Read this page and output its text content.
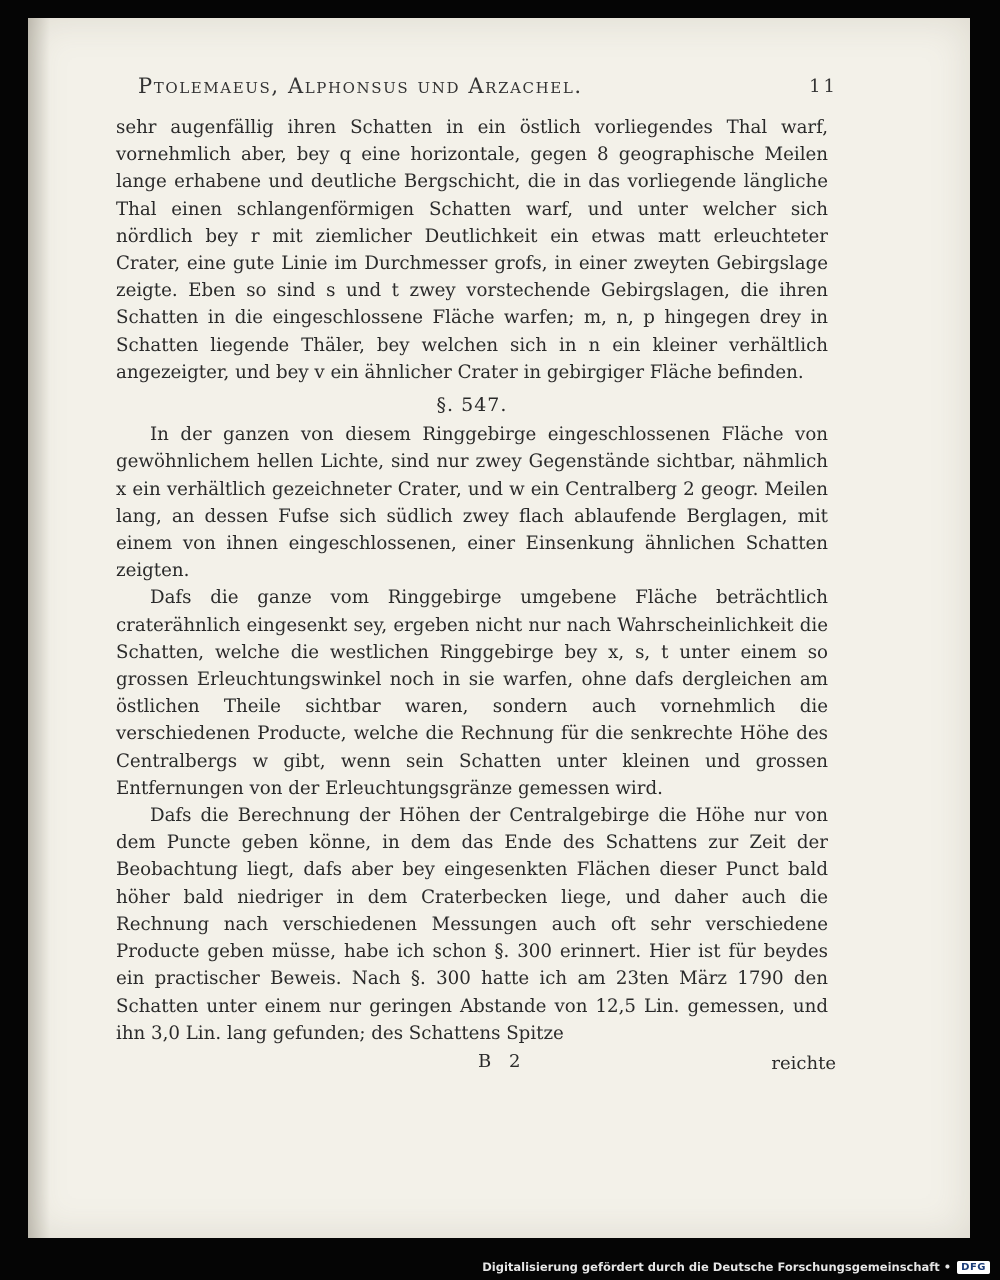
Ptolemaeus, Alphonsus und Arzachel.	11

sehr augenfällig ihren Schatten in ein östlich vorliegendes Thal warf, vornehmlich aber, bey q eine horizontale, gegen 8 geographische Meilen lange erhabene und deutliche Bergschicht, die in das vorliegende längliche Thal einen schlangenförmigen Schatten warf, und unter welcher sich nördlich bey r mit ziemlicher Deutlichkeit ein etwas matt erleuchteter Crater, eine gute Linie im Durchmesser grofs, in einer zweyten Gebirgslage zeigte. Eben so sind s und t zwey vorstechende Gebirgslagen, die ihren Schatten in die eingeschlossene Fläche warfen; m, n, p hingegen drey in Schatten liegende Thäler, bey welchen sich in n ein kleiner verhältlich angezeigter, und bey v ein ähnlicher Crater in gebirgiger Fläche befinden.

§. 547.

In der ganzen von diesem Ringgebirge eingeschlossenen Fläche von gewöhnlichem hellen Lichte, sind nur zwey Gegenstände sichtbar, nähmlich x ein verhältlich gezeichneter Crater, und w ein Centralberg 2 geogr. Meilen lang, an dessen Fufse sich südlich zwey flach ablaufende Berglagen, mit einem von ihnen eingeschlossenen, einer Einsenkung ähnlichen Schatten zeigten.

Dafs die ganze vom Ringgebirge umgebene Fläche beträchtlich craterähnlich eingesenkt sey, ergeben nicht nur nach Wahrscheinlichkeit die Schatten, welche die westlichen Ringgebirge bey x, s, t unter einem so grossen Erleuchtungswinkel noch in sie warfen, ohne dafs dergleichen am östlichen Theile sichtbar waren, sondern auch vornehmlich die verschiedenen Producte, welche die Rechnung für die senkrechte Höhe des Centralbergs w gibt, wenn sein Schatten unter kleinen und grossen Entfernungen von der Erleuchtungsgränze gemessen wird.

Dafs die Berechnung der Höhen der Centralgebirge die Höhe nur von dem Puncte geben könne, in dem das Ende des Schattens zur Zeit der Beobachtung liegt, dafs aber bey eingesenkten Flächen dieser Punct bald höher bald niedriger in dem Craterbecken liege, und daher auch die Rechnung nach verschiedenen Messungen auch oft sehr verschiedene Producte geben müsse, habe ich schon §. 300 erinnert. Hier ist für beydes ein practischer Beweis. Nach §. 300 hatte ich am 23ten März 1790 den Schatten unter einem nur geringen Abstande von 12,5 Lin. gemessen, und ihn 3,0 Lin. lang gefunden; des Schattens Spitze

B 2	reichte
Digitalisierung gefördert durch die Deutsche Forschungsgemeinschaft •	DFG
